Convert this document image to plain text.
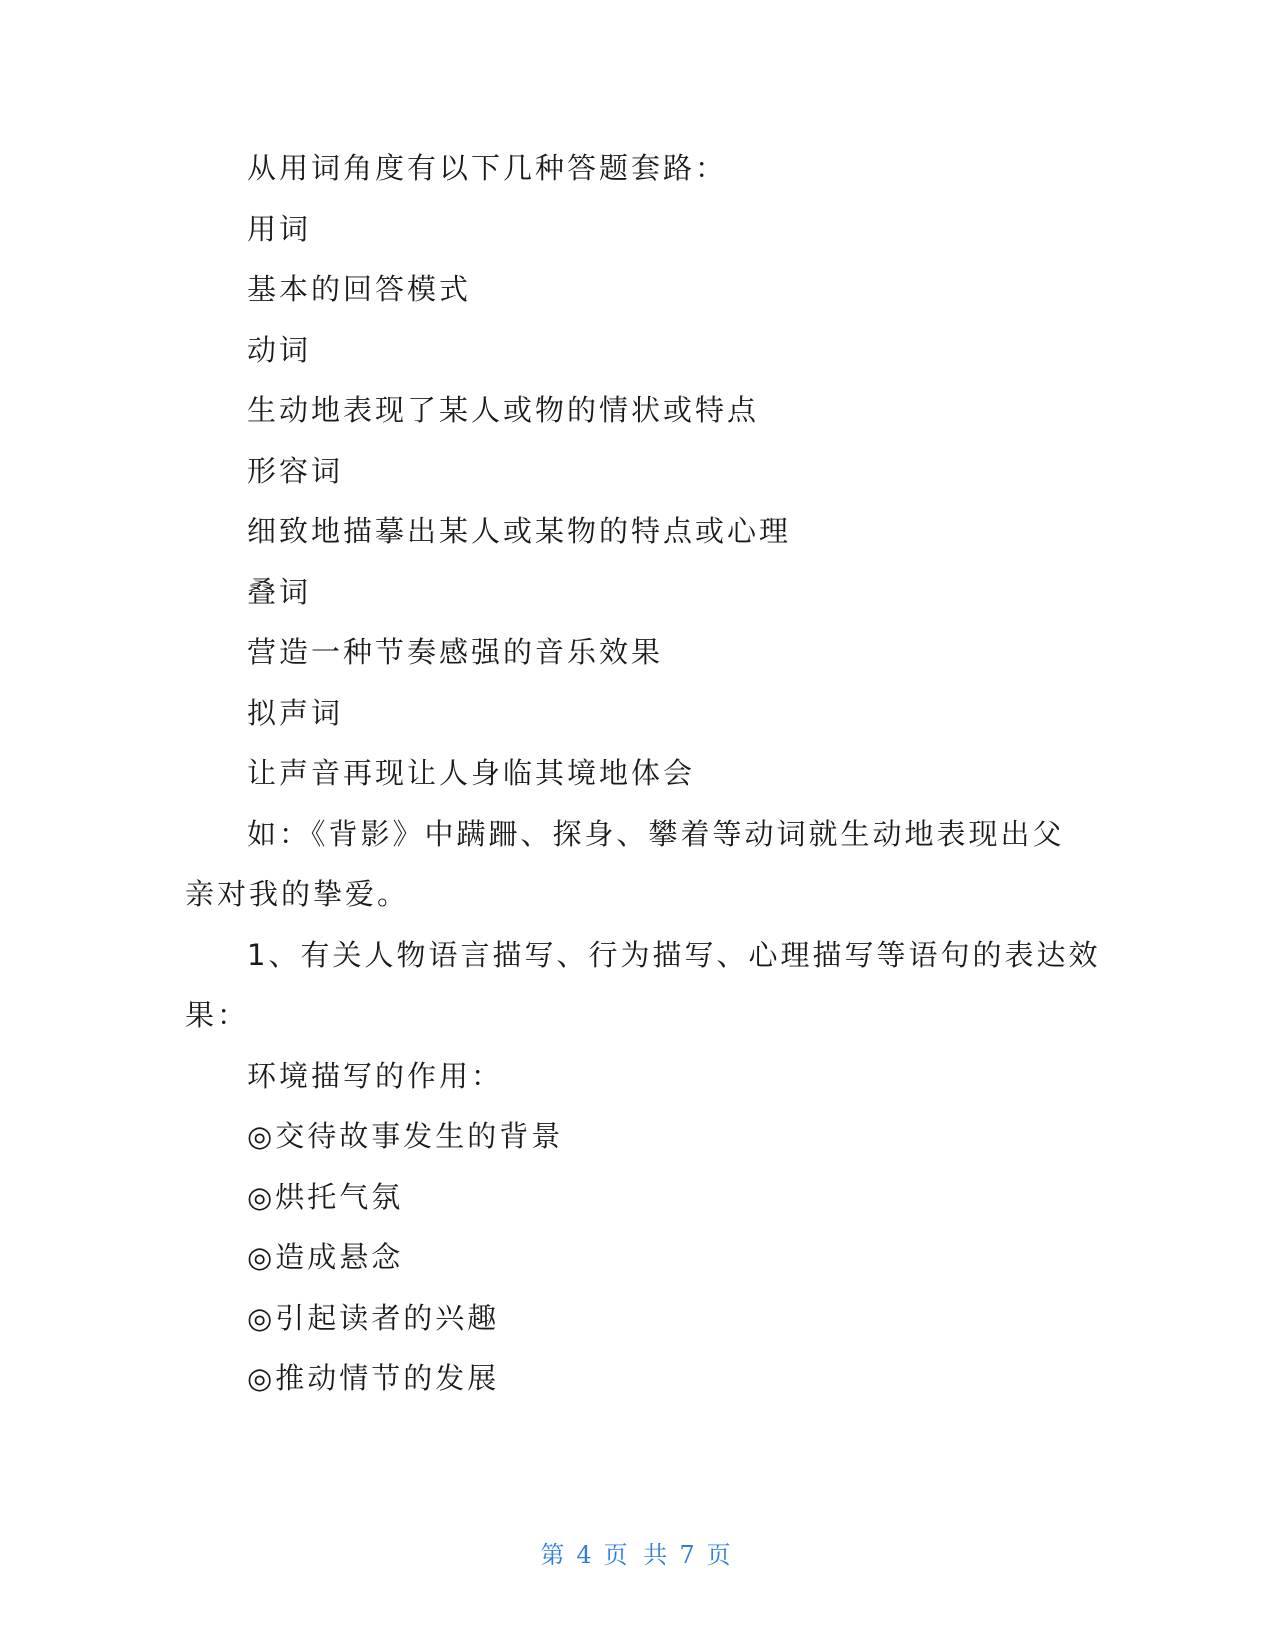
从用词角度有以下几种答题套路：
用词
基本的回答模式
动词
生动地表现了某人或物的情状或特点
形容词
细致地描摹出某人或某物的特点或心理
叠词
营造一种节奏感强的音乐效果
拟声词
让声音再现让人身临其境地体会
如：《背影》中蹒跚、探身、攀着等动词就生动地表现出父
亲对我的挚爱。
1、有关人物语言描写、行为描写、心理描写等语句的表达效
果：
环境描写的作用：
◎交待故事发生的背景
◎烘托气氛
◎造成悬念
◎引起读者的兴趣
◎推动情节的发展
第 4 页 共 7 页
